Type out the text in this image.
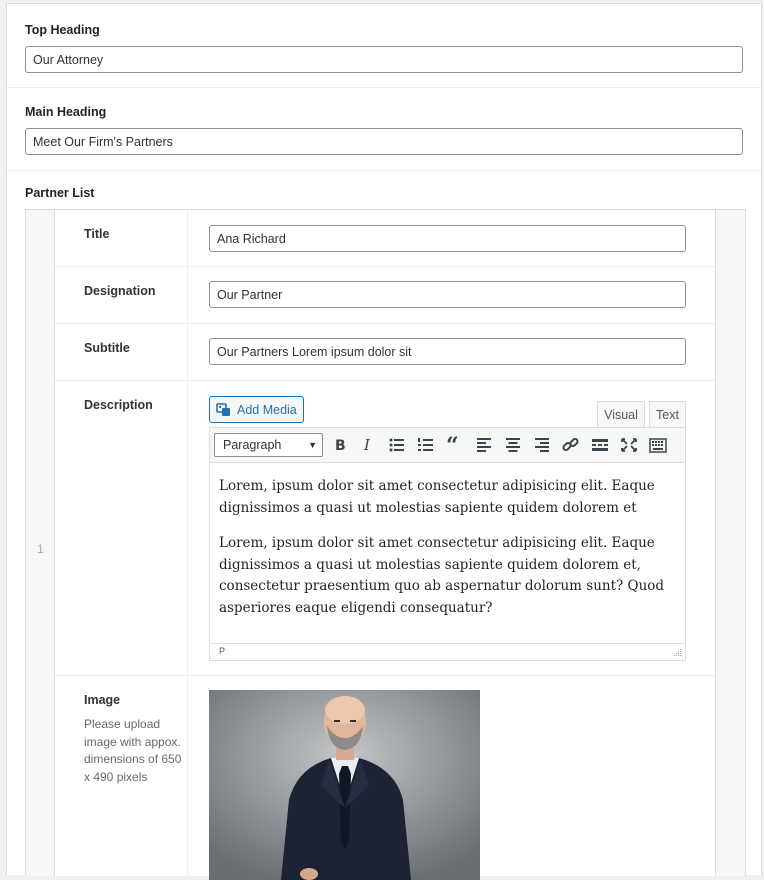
Top Heading
Our Attorney
Main Heading
Meet Our Firm's Partners
Partner List
1
Title
Ana Richard
Designation
Our Partner
Subtitle
Our Partners Lorem ipsum dolor sit
Description	Add Media	Visual	Text
Paragraph	▼ B I	“

Lorem, ipsum dolor sit amet consectetur adipisicing elit. Eaque dignissimos a quasi ut molestias sapiente quidem dolorem et

Lorem, ipsum dolor sit amet consectetur adipisicing elit. Eaque dignissimos a quasi ut molestias sapiente quidem dolorem et, consectetur praesentium quo ab aspernatur dolorum sunt? Quod asperiores eaque eligendi consequatur?

P
Image
Please upload image with appox. dimensions of 650 x 490 pixels
